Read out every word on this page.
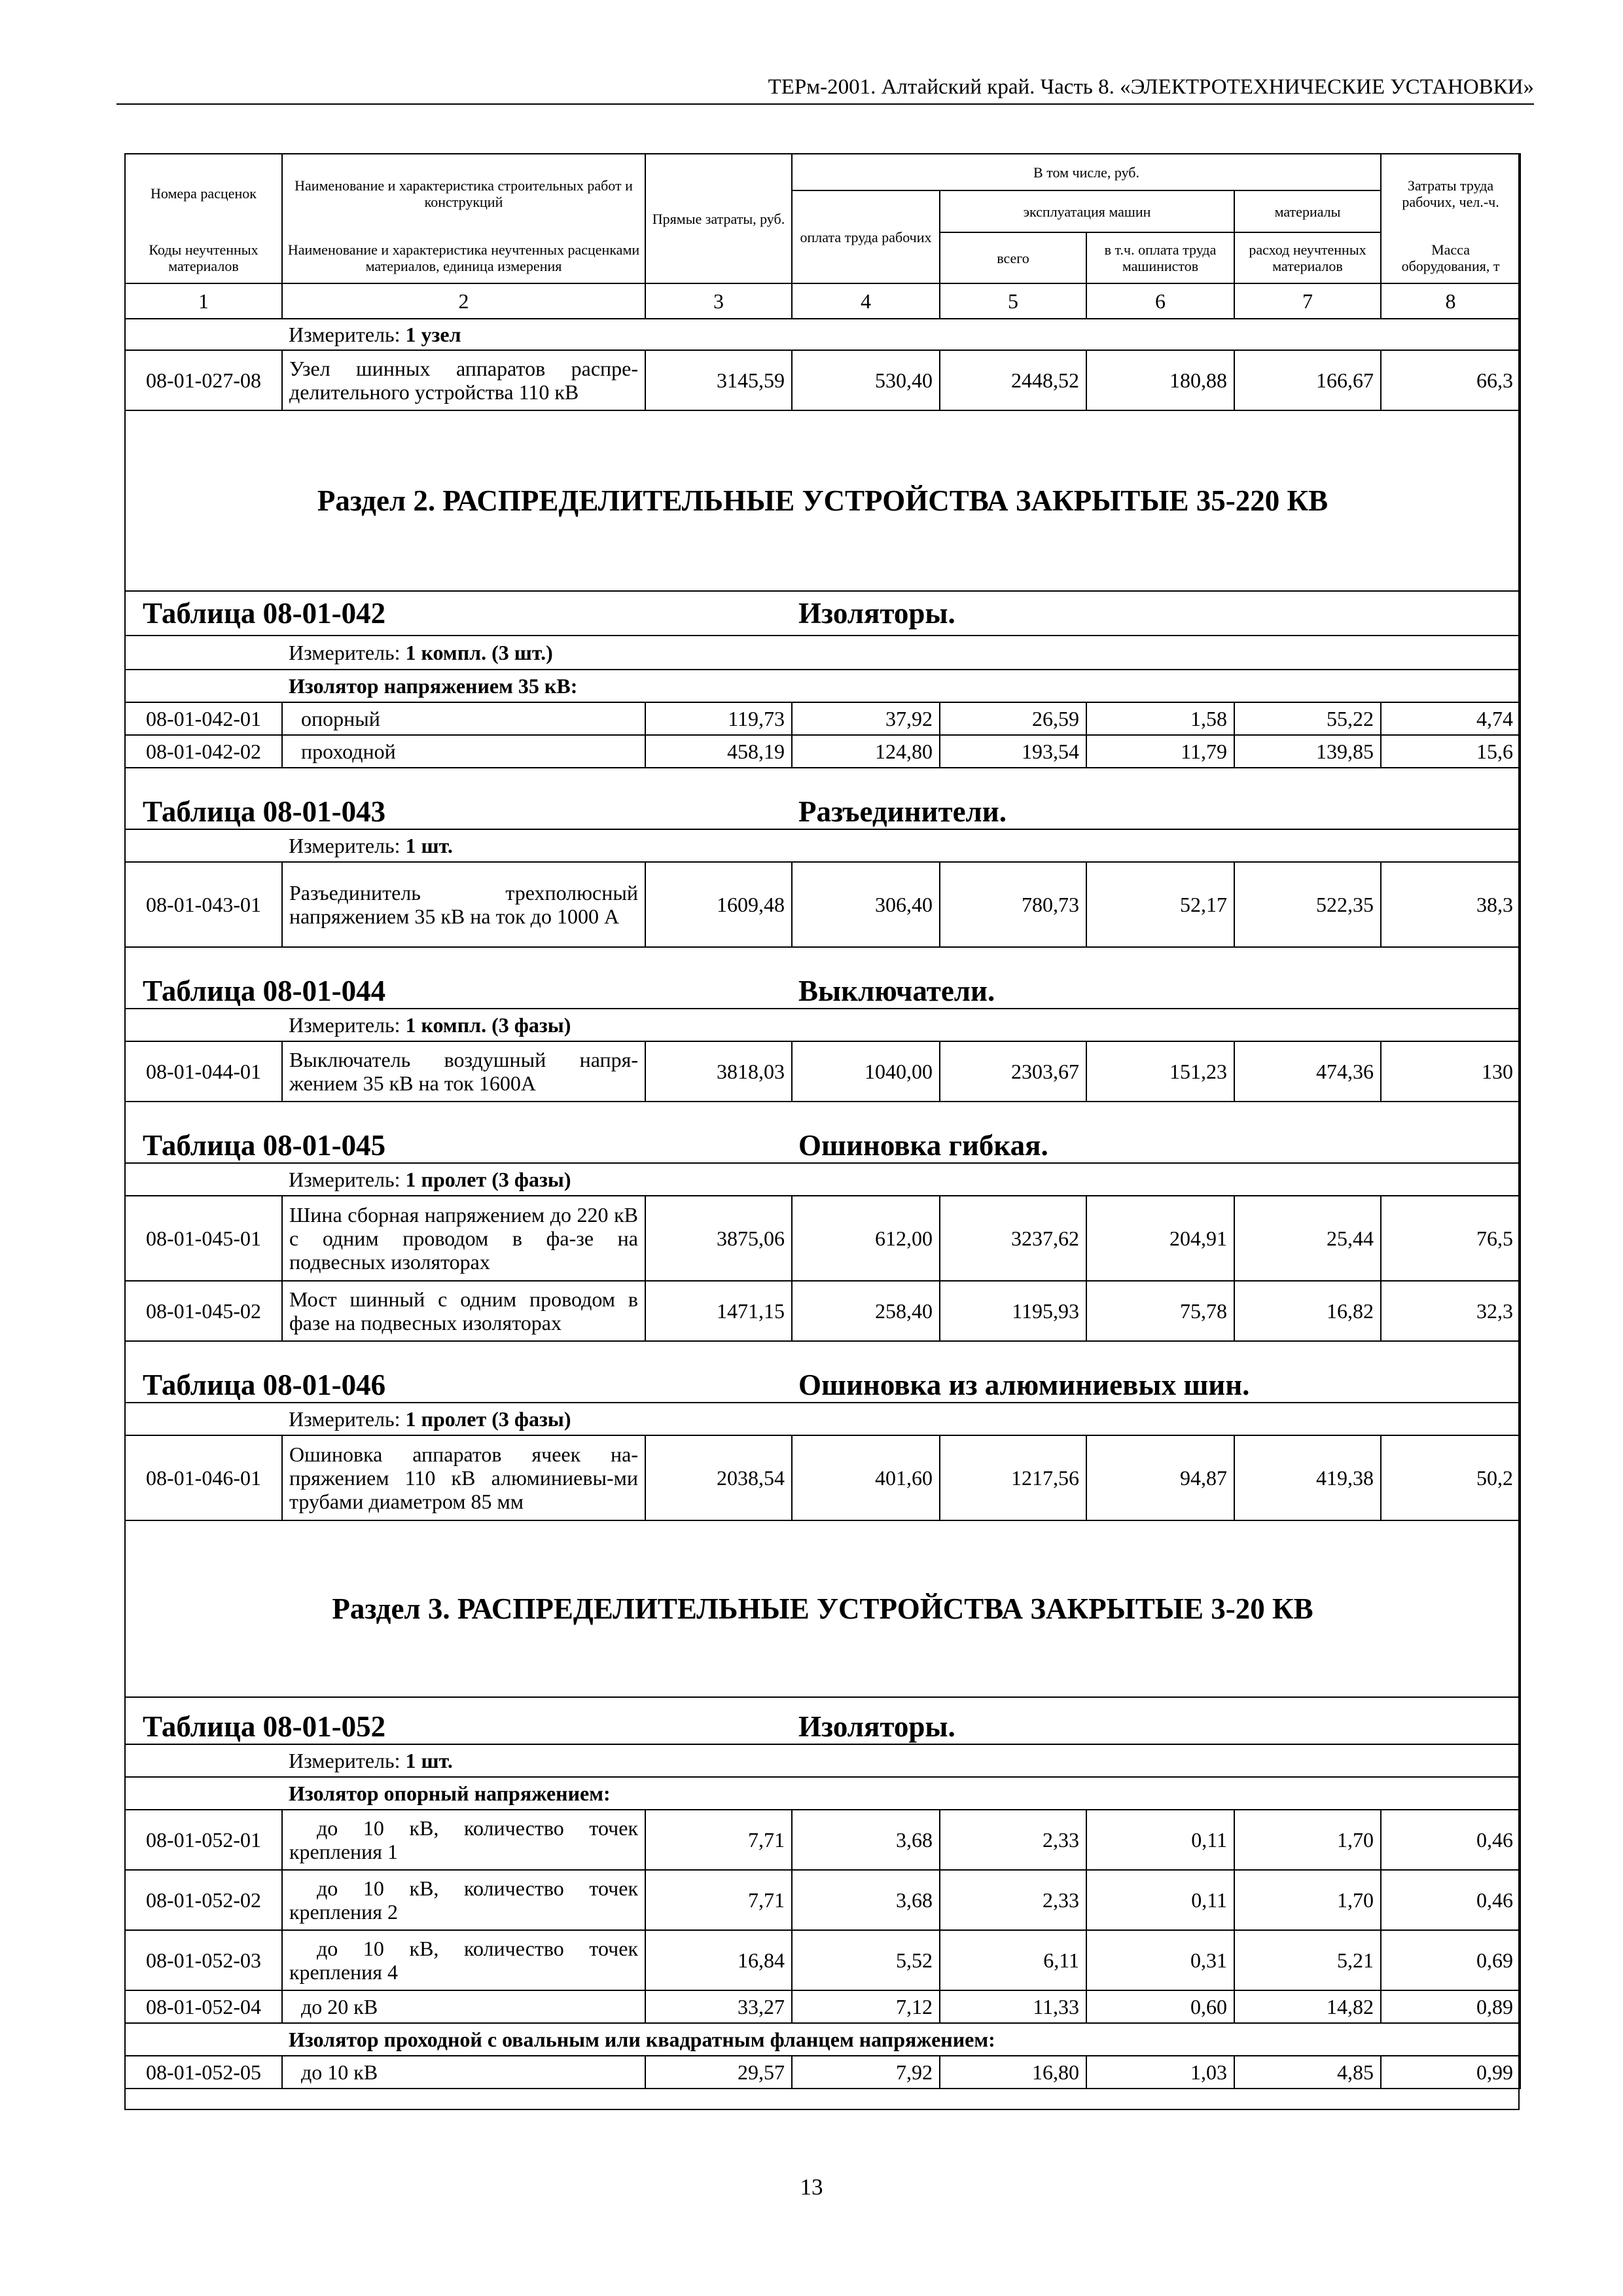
ТЕРм-2001. Алтайский край. Часть 8. «ЭЛЕКТРОТЕХНИЧЕСКИЕ УСТАНОВКИ»
Номера расценок	Наименование и характеристика строительных работ и конструкций	Прямые затраты, руб.	В том числе, руб.				Затраты труда рабочих, чел.-ч.
			оплата труда рабочих	эксплуатация машин		материалы	
Коды неучтенных материалов	Наименование и характеристика неучтенных расценками материалов, единица измерения			всего	в т.ч. оплата труда машинистов	расход неучтенных материалов	Масса оборудования, т
1	2	3	4	5	6	7	8
	Измеритель: 1 узел						
08-01-027-08	Узел шинных аппаратов распре-делительного устройства 110 кВ	3145,59	530,40	2448,52	180,88	166,67	66,3
Раздел 2. РАСПРЕДЕЛИТЕЛЬНЫЕ УСТРОЙСТВА ЗАКРЫТЫЕ 35-220 КВ							
Таблица 08-01-042			Изоляторы.				
	Измеритель: 1 компл. (3 шт.)						
	Изолятор напряжением 35 кВ:						
08-01-042-01	опорный	119,73	37,92	26,59	1,58	55,22	4,74
08-01-042-02	проходной	458,19	124,80	193,54	11,79	139,85	15,6
Таблица 08-01-043			Разъединители.				
	Измеритель: 1 шт.						
08-01-043-01	Разъединитель трехполюсный напряжением 35 кВ на ток до 1000 А	1609,48	306,40	780,73	52,17	522,35	38,3
Таблица 08-01-044			Выключатели.				
	Измеритель: 1 компл. (3 фазы)						
08-01-044-01	Выключатель воздушный напря-жением 35 кВ на ток 1600А	3818,03	1040,00	2303,67	151,23	474,36	130
Таблица 08-01-045			Ошиновка гибкая.				
	Измеритель: 1 пролет (3 фазы)						
08-01-045-01	Шина сборная напряжением до 220 кВ с одним проводом в фа-зе на подвесных изоляторах	3875,06	612,00	3237,62	204,91	25,44	76,5
08-01-045-02	Мост шинный с одним проводом в фазе на подвесных изоляторах	1471,15	258,40	1195,93	75,78	16,82	32,3
Таблица 08-01-046			Ошиновка из алюминиевых шин.				
	Измеритель: 1 пролет (3 фазы)						
08-01-046-01	Ошиновка аппаратов ячеек на-пряжением 110 кВ алюминиевы-ми трубами диаметром 85 мм	2038,54	401,60	1217,56	94,87	419,38	50,2
Раздел 3. РАСПРЕДЕЛИТЕЛЬНЫЕ УСТРОЙСТВА ЗАКРЫТЫЕ 3-20 КВ							
Таблица 08-01-052			Изоляторы.				
	Измеритель: 1 шт.						
	Изолятор опорный напряжением:						
08-01-052-01	до 10 кВ, количество точек крепления 1	7,71	3,68	2,33	0,11	1,70	0,46
08-01-052-02	до 10 кВ, количество точек крепления 2	7,71	3,68	2,33	0,11	1,70	0,46
08-01-052-03	до 10 кВ, количество точек крепления 4	16,84	5,52	6,11	0,31	5,21	0,69
08-01-052-04	до 20 кВ	33,27	7,12	11,33	0,60	14,82	0,89
	Изолятор проходной с овальным или квадратным фланцем напряжением:						
08-01-052-05	до 10 кВ	29,57	7,92	16,80	1,03	4,85	0,99
13
